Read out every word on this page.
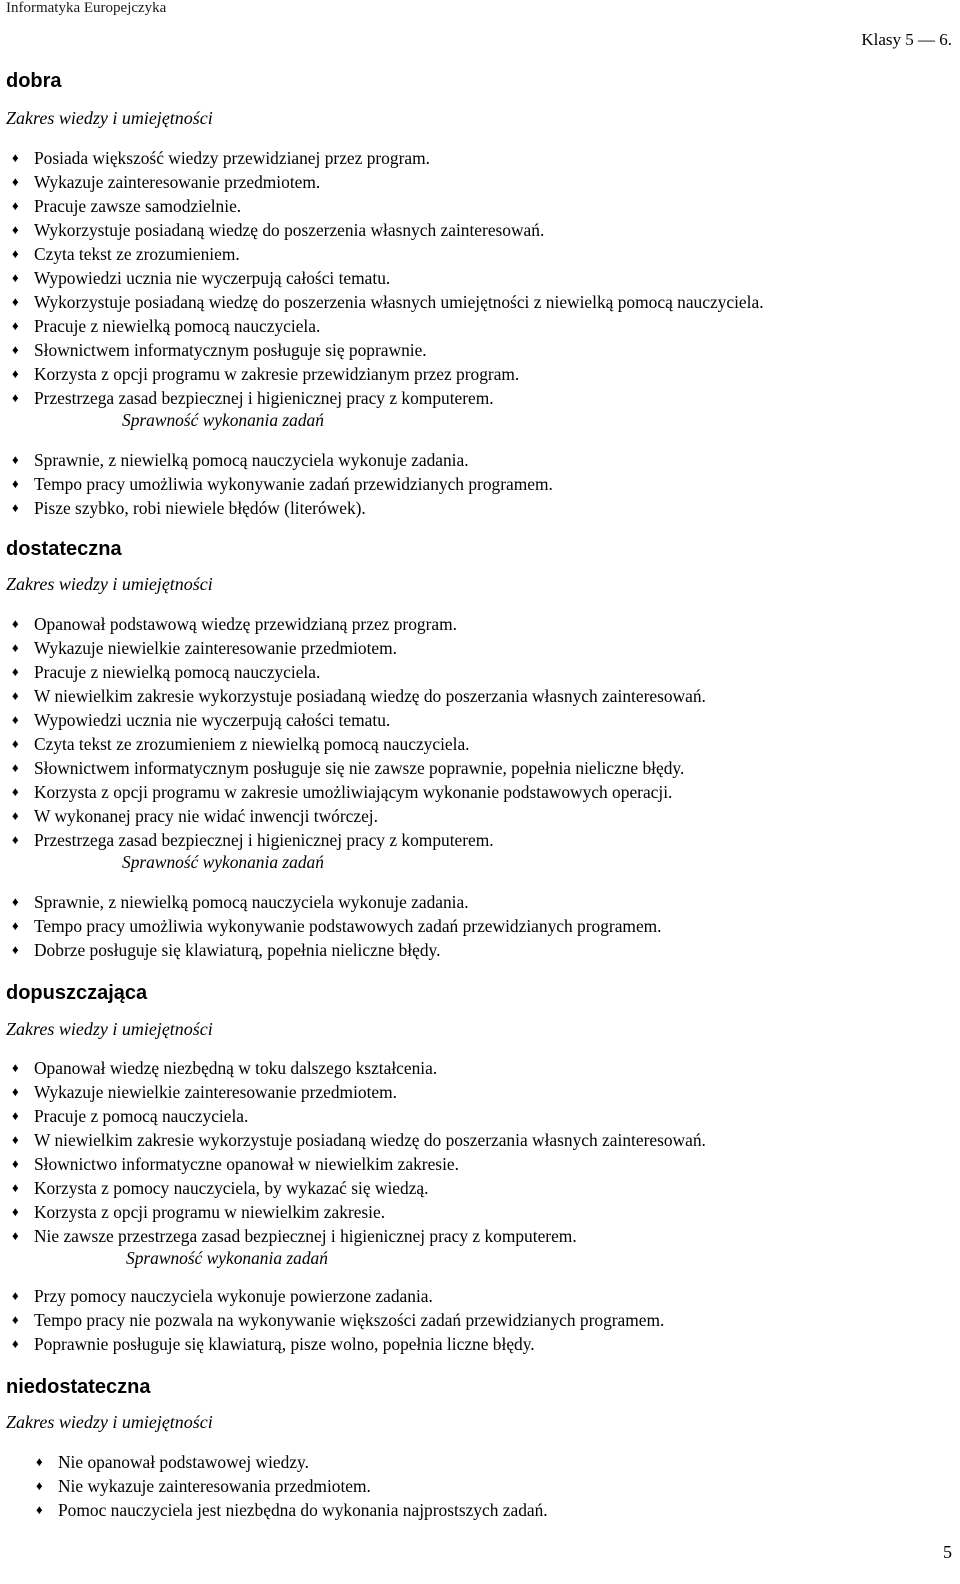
Informatyka Europejczyka
Klasy 5 — 6.
dobra
Zakres wiedzy i umiejętności
♦ Posiada większość wiedzy przewidzianej przez program.
♦ Wykazuje zainteresowanie przedmiotem.
♦ Pracuje zawsze samodzielnie.
♦ Wykorzystuje posiadaną wiedzę do poszerzenia własnych zainteresowań.
♦ Czyta tekst ze zrozumieniem.
♦ Wypowiedzi ucznia nie wyczerpują całości tematu.
♦ Wykorzystuje posiadaną wiedzę do poszerzenia własnych umiejętności z niewielką pomocą nauczyciela.
♦ Pracuje z niewielką pomocą nauczyciela.
♦ Słownictwem informatycznym posługuje się poprawnie.
♦ Korzysta z opcji programu w zakresie przewidzianym przez program.
♦ Przestrzega zasad bezpiecznej i higienicznej pracy z komputerem.
Sprawność wykonania zadań
♦ Sprawnie, z niewielką pomocą nauczyciela wykonuje zadania.
♦ Tempo pracy umożliwia wykonywanie zadań przewidzianych programem.
♦ Pisze szybko, robi niewiele błędów (literówek).
dostateczna
Zakres wiedzy i umiejętności
♦ Opanował podstawową wiedzę przewidzianą przez program.
♦ Wykazuje niewielkie zainteresowanie przedmiotem.
♦ Pracuje z niewielką pomocą nauczyciela.
♦ W niewielkim zakresie wykorzystuje posiadaną wiedzę do poszerzania własnych zainteresowań.
♦ Wypowiedzi ucznia nie wyczerpują całości tematu.
♦ Czyta tekst ze zrozumieniem z niewielką pomocą nauczyciela.
♦ Słownictwem informatycznym posługuje się nie zawsze poprawnie, popełnia nieliczne błędy.
♦ Korzysta z opcji programu w zakresie umożliwiającym wykonanie podstawowych operacji.
♦ W wykonanej pracy nie widać inwencji twórczej.
♦ Przestrzega zasad bezpiecznej i higienicznej pracy z komputerem.
Sprawność wykonania zadań
♦ Sprawnie, z niewielką pomocą nauczyciela wykonuje zadania.
♦ Tempo pracy umożliwia wykonywanie podstawowych zadań przewidzianych programem.
♦ Dobrze posługuje się klawiaturą, popełnia nieliczne błędy.
dopuszczająca
Zakres wiedzy i umiejętności
♦ Opanował wiedzę niezbędną w toku dalszego kształcenia.
♦ Wykazuje niewielkie zainteresowanie przedmiotem.
♦ Pracuje z pomocą nauczyciela.
♦ W niewielkim zakresie wykorzystuje posiadaną wiedzę do poszerzania własnych zainteresowań.
♦ Słownictwo informatyczne opanował w niewielkim zakresie.
♦ Korzysta z pomocy nauczyciela, by wykazać się wiedzą.
♦ Korzysta z opcji programu w niewielkim zakresie.
♦ Nie zawsze przestrzega zasad bezpiecznej i higienicznej pracy z komputerem.
Sprawność wykonania zadań
♦ Przy pomocy nauczyciela wykonuje powierzone zadania.
♦ Tempo pracy nie pozwala na wykonywanie większości zadań przewidzianych programem.
♦ Poprawnie posługuje się klawiaturą, pisze wolno, popełnia liczne błędy.
niedostateczna
Zakres wiedzy i umiejętności
♦ Nie opanował podstawowej wiedzy.
♦ Nie wykazuje zainteresowania przedmiotem.
♦ Pomoc nauczyciela jest niezbędna do wykonania najprostszych zadań.
5
